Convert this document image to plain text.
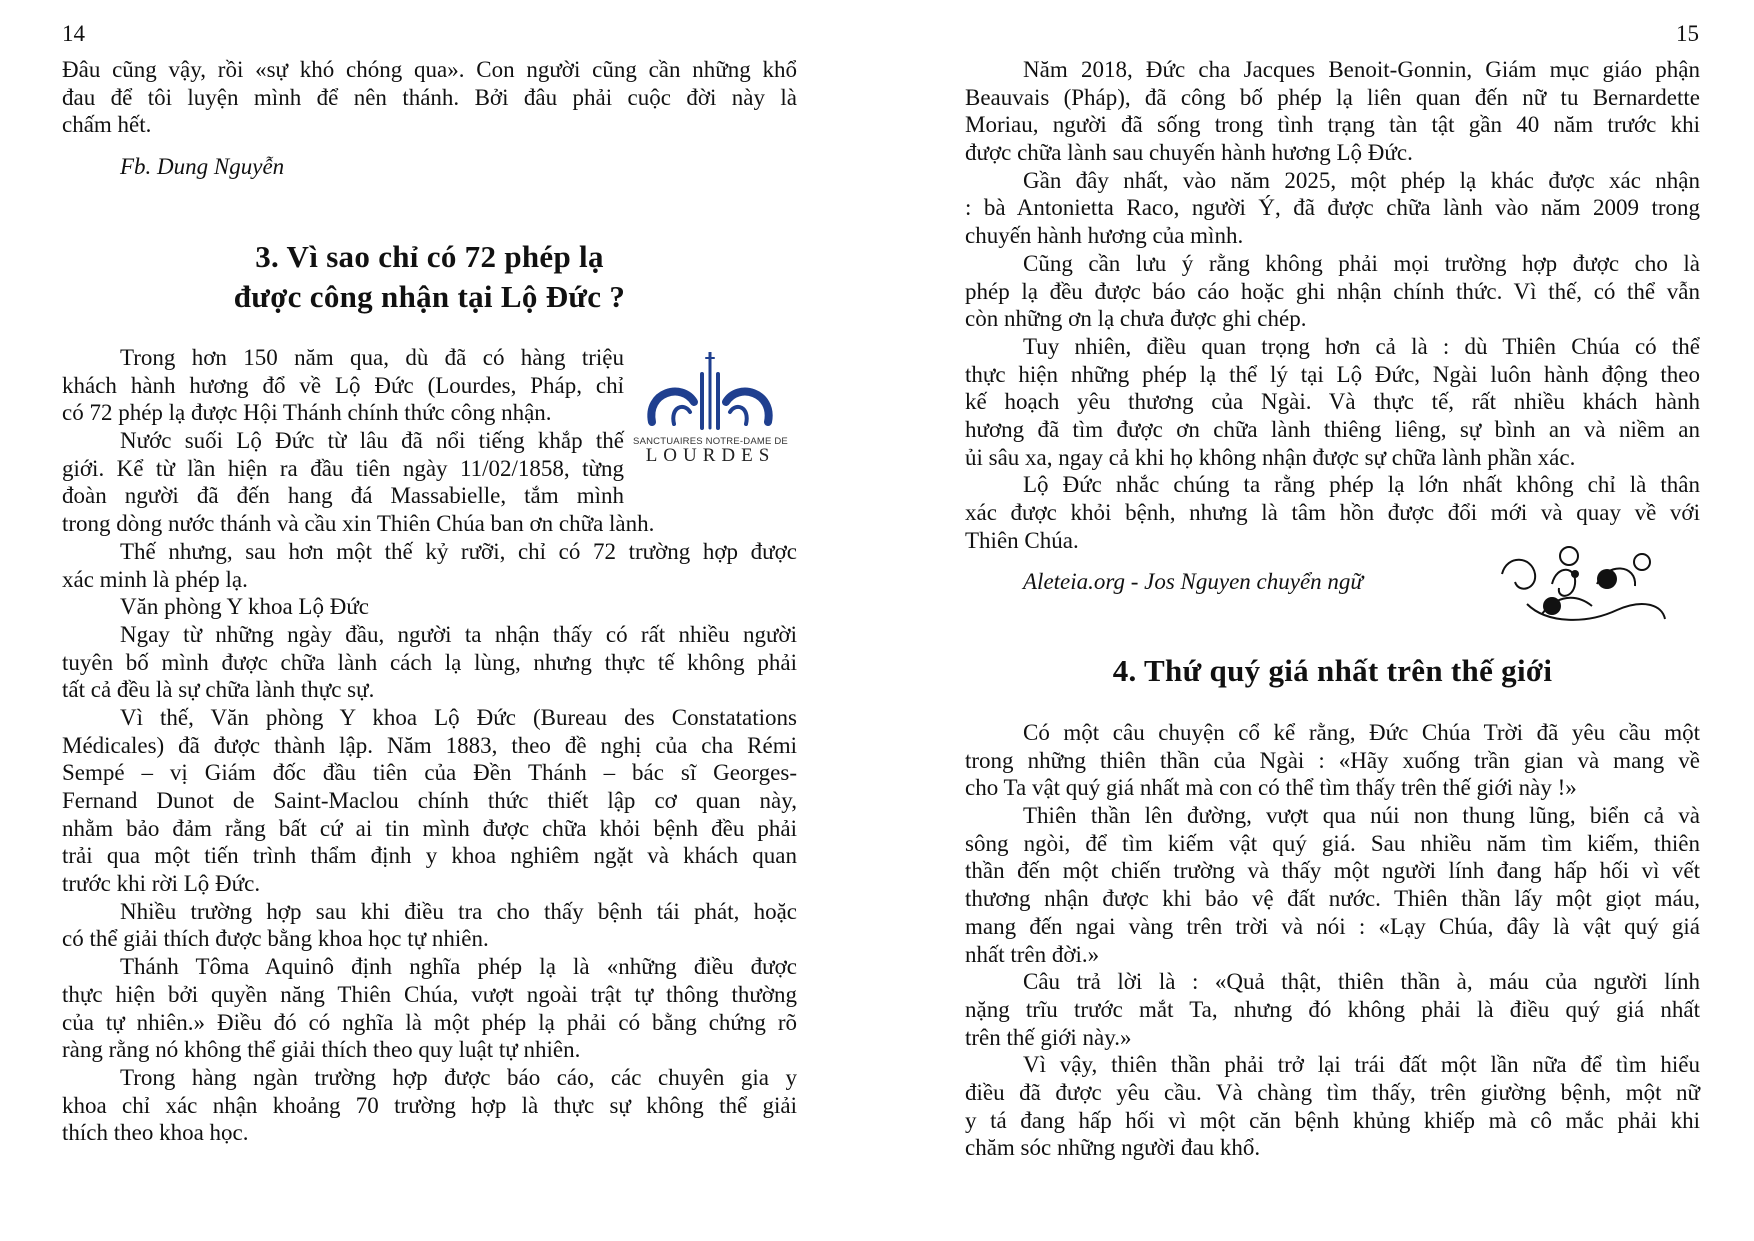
14
Đâu cũng vậy, rồi «sự khó chóng qua». Con người cũng cần những khổ
đau để tôi luyện mình để nên thánh. Bởi đâu phải cuộc đời này là
chấm hết.
Fb. Dung Nguyễn
3. Vì sao chỉ có 72 phép lạ
được công nhận tại Lộ Đức ?
SANCTUAIRES NOTRE-DAME DE
LOURDES
Trong hơn 150 năm qua, dù đã có hàng triệu
khách hành hương đổ về Lộ Đức (Lourdes, Pháp, chỉ
có 72 phép lạ được Hội Thánh chính thức công nhận.
Nước suối Lộ Đức từ lâu đã nổi tiếng khắp thế
giới. Kể từ lần hiện ra đầu tiên ngày 11/02/1858, từng
đoàn người đã đến hang đá Massabielle, tắm mình
trong dòng nước thánh và cầu xin Thiên Chúa ban ơn chữa lành.
Thế nhưng, sau hơn một thế kỷ rưỡi, chỉ có 72 trường hợp được
xác minh là phép lạ.
Văn phòng Y khoa Lộ Đức
Ngay từ những ngày đầu, người ta nhận thấy có rất nhiều người
tuyên bố mình được chữa lành cách lạ lùng, nhưng thực tế không phải
tất cả đều là sự chữa lành thực sự.
Vì thế, Văn phòng Y khoa Lộ Đức (Bureau des Constatations
Médicales) đã được thành lập. Năm 1883, theo đề nghị của cha Rémi
Sempé – vị Giám đốc đầu tiên của Đền Thánh – bác sĩ Georges-
Fernand Dunot de Saint-Maclou chính thức thiết lập cơ quan này,
nhằm bảo đảm rằng bất cứ ai tin mình được chữa khỏi bệnh đều phải
trải qua một tiến trình thẩm định y khoa nghiêm ngặt và khách quan
trước khi rời Lộ Đức.
Nhiều trường hợp sau khi điều tra cho thấy bệnh tái phát, hoặc
có thể giải thích được bằng khoa học tự nhiên.
Thánh Tôma Aquinô định nghĩa phép lạ là «những điều được
thực hiện bởi quyền năng Thiên Chúa, vượt ngoài trật tự thông thường
của tự nhiên.» Điều đó có nghĩa là một phép lạ phải có bằng chứng rõ
ràng rằng nó không thể giải thích theo quy luật tự nhiên.
Trong hàng ngàn trường hợp được báo cáo, các chuyên gia y
khoa chỉ xác nhận khoảng 70 trường hợp là thực sự không thể giải
thích theo khoa học.
15
Năm 2018, Đức cha Jacques Benoit-Gonnin, Giám mục giáo phận
Beauvais (Pháp), đã công bố phép lạ liên quan đến nữ tu Bernardette
Moriau, người đã sống trong tình trạng tàn tật gần 40 năm trước khi
được chữa lành sau chuyến hành hương Lộ Đức.
Gần đây nhất, vào năm 2025, một phép lạ khác được xác nhận
: bà Antonietta Raco, người Ý, đã được chữa lành vào năm 2009 trong
chuyến hành hương của mình.
Cũng cần lưu ý rằng không phải mọi trường hợp được cho là
phép lạ đều được báo cáo hoặc ghi nhận chính thức. Vì thế, có thể vẫn
còn những ơn lạ chưa được ghi chép.
Tuy nhiên, điều quan trọng hơn cả là : dù Thiên Chúa có thể
thực hiện những phép lạ thể lý tại Lộ Đức, Ngài luôn hành động theo
kế hoạch yêu thương của Ngài. Và thực tế, rất nhiều khách hành
hương đã tìm được ơn chữa lành thiêng liêng, sự bình an và niềm an
ủi sâu xa, ngay cả khi họ không nhận được sự chữa lành phần xác.
Lộ Đức nhắc chúng ta rằng phép lạ lớn nhất không chỉ là thân
xác được khỏi bệnh, nhưng là tâm hồn được đổi mới và quay về với
Thiên Chúa.
Aleteia.org - Jos Nguyen chuyển ngữ
4. Thứ quý giá nhất trên thế giới
Có một câu chuyện cổ kể rằng, Đức Chúa Trời đã yêu cầu một
trong những thiên thần của Ngài : «Hãy xuống trần gian và mang về
cho Ta vật quý giá nhất mà con có thể tìm thấy trên thế giới này !»
Thiên thần lên đường, vượt qua núi non thung lũng, biển cả và
sông ngòi, để tìm kiếm vật quý giá. Sau nhiều năm tìm kiếm, thiên
thần đến một chiến trường và thấy một người lính đang hấp hối vì vết
thương nhận được khi bảo vệ đất nước. Thiên thần lấy một giọt máu,
mang đến ngai vàng trên trời và nói : «Lạy Chúa, đây là vật quý giá
nhất trên đời.»
Câu trả lời là : «Quả thật, thiên thần à, máu của người lính
nặng trĩu trước mắt Ta, nhưng đó không phải là điều quý giá nhất
trên thế giới này.»
Vì vậy, thiên thần phải trở lại trái đất một lần nữa để tìm hiểu
điều đã được yêu cầu. Và chàng tìm thấy, trên giường bệnh, một nữ
y tá đang hấp hối vì một căn bệnh khủng khiếp mà cô mắc phải khi
chăm sóc những người đau khổ.
